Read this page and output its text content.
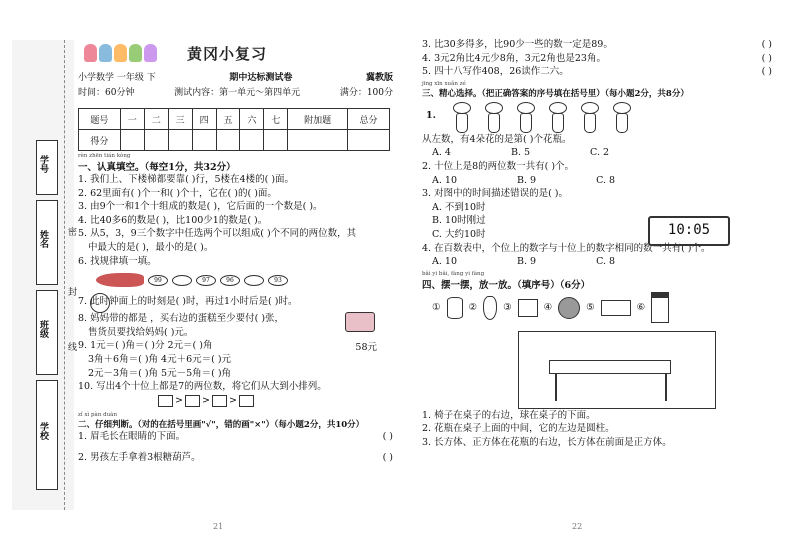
学号
姓名
班级
学校
密
封
线
黄冈小复习
小学数学 一年级 下	期中达标测试卷	冀教版
时间：60分钟	测试内容：第一单元～第四单元	满分：100分
题号	一	二	三	四	五	六	七	附加题	总分
得分									
rèn zhēn tián kòng
一、认真填空。（每空1分，共32分）
1. 我们上、下楼梯都要靠( )行，5楼在4楼的( )面。
2. 62里面有( )个一和( )个十，它在( )的( )面。
3. 由9个一和1个十组成的数是( )，它后面的一个数是( )。
4. 比40多6的数是( )，比100少1的数是( )。
5. 从5，3，9三个数字中任选两个可以组成( )个不同的两位数，其
中最大的是( )，最小的是( )。
6. 找规律填一填。
99	97	96	93
7. 此时钟面上的时刻是( )时，再过1小时后是( )时。
8. 妈妈带的都是 ，买右边的蛋糕至少要付( )张，
售货员要找给妈妈( )元。
9. 1元＝( )角＝( )分 2元＝( )角
3角＋6角＝( )角 4元＋6元＝( )元
2元－3角＝( )角 5元－5角＝( )角
58元
10. 写出4个十位上都是7的两位数，将它们从大到小排列。
> > >
zǐ xì pàn duàn
二、仔细判断。（对的在括号里画"√"，错的画"×"）（每小题2分，共10分）
1. 眉毛长在眼睛的下面。	( )
2. 男孩左手拿着3根糖葫芦。	( )
21
3. 比30多得多，比90少一些的数一定是89。	( )
4. 3元2角比4元少8角，3元2角也是23角。	( )
5. 四十八写作408，26读作二六。	( )
jīng xīn xuǎn zé
三、精心选择。（把正确答案的序号填在括号里）（每小题2分，共8分）
1.
从左数，有4朵花的是第( )个花瓶。
A. 4	B. 5	C. 2
2. 十位上是8的两位数一共有( )个。
A. 10	B. 9	C. 8
3. 对图中的时间描述错误的是( )。
A. 不到10时
B. 10时刚过
C. 大约10时	10:05
4. 在百数表中，个位上的数字与十位上的数字相同的数一共有( )个。
A. 10	B. 9	C. 8
bǎi yi bǎi, fàng yi fàng
四、摆一摆，放一放。（填序号）（6分）
①	②	③	④	⑤	⑥
1. 椅子在桌子的右边，球在桌子的下面。
2. 花瓶在桌子上面的中间，它的左边是圆柱。
3. 长方体、正方体在花瓶的右边，长方体在前面是正方体。
22
